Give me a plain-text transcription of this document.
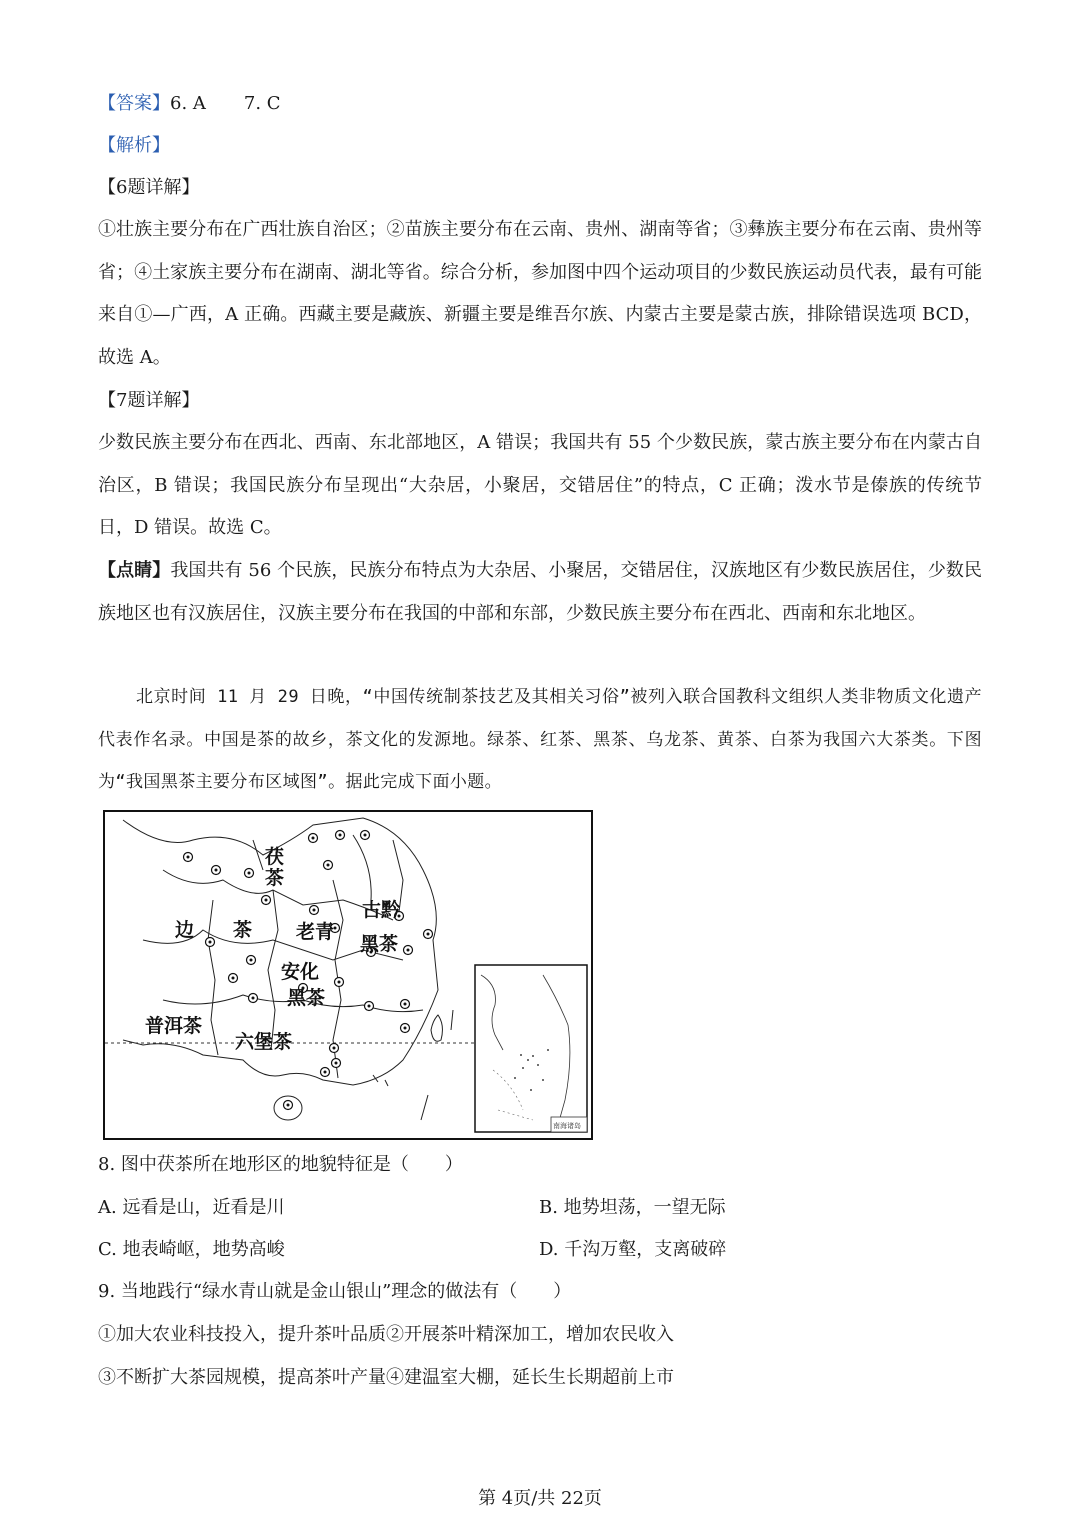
【答案】6. A 7. C
【解析】
【6题详解】
①壮族主要分布在广西壮族自治区；②苗族主要分布在云南、贵州、湖南等省；③彝族主要分布在云南、贵州等省；④土家族主要分布在湖南、湖北等省。综合分析，参加图中四个运动项目的少数民族运动员代表，最有可能来自①—广西，A 正确。西藏主要是藏族、新疆主要是维吾尔族、内蒙古主要是蒙古族，排除错误选项 BCD，故选 A。
【7题详解】
少数民族主要分布在西北、西南、东北部地区，A 错误；我国共有 55 个少数民族，蒙古族主要分布在内蒙古自治区，B 错误；我国民族分布呈现出“大杂居，小聚居，交错居住”的特点，C 正确；泼水节是傣族的传统节日，D 错误。故选 C。
【点睛】我国共有 56 个民族，民族分布特点为大杂居、小聚居，交错居住，汉族地区有少数民族居住，少数民族地区也有汉族居住，汉族主要分布在我国的中部和东部，少数民族主要分布在西北、西南和东北地区。
北京时间 11 月 29 日晚，“中国传统制茶技艺及其相关习俗”被列入联合国教科文组织人类非物质文化遗产代表作名录。中国是茶的故乡，茶文化的发源地。绿茶、红茶、黑茶、乌龙茶、黄茶、白茶为我国六大茶类。下图为“我国黑茶主要分布区域图”。据此完成下面小题。
茯
茶
古黔
黑茶
边 茶 老青
安化
黑茶
普洱茶
六堡茶
南海诸岛
8. 图中茯茶所在地形区的地貌特征是（　　）
A. 远看是山，近看是川	B. 地势坦荡，一望无际
C. 地表崎岖，地势高峻	D. 千沟万壑，支离破碎
9. 当地践行“绿水青山就是金山银山”理念的做法有（　　）
①加大农业科技投入，提升茶叶品质②开展茶叶精深加工，增加农民收入
③不断扩大茶园规模，提高茶叶产量④建温室大棚，延长生长期超前上市
第 4页/共 22页
